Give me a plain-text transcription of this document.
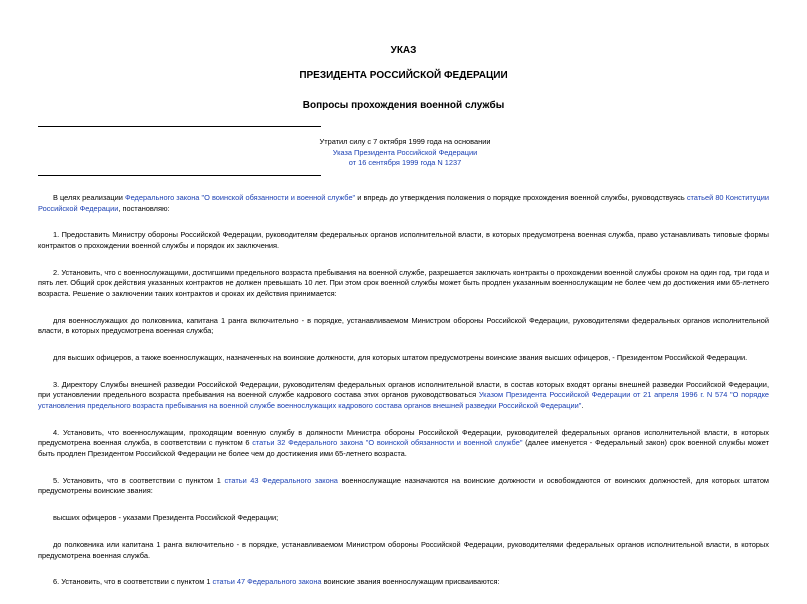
УКАЗ
ПРЕЗИДЕНТА РОССИЙСКОЙ ФЕДЕРАЦИИ
Вопросы прохождения военной службы
Утратил силу с 7 октября 1999 года на основании
Указа Президента Российской Федерации
от 16 сентября 1999 года N 1237

В целях реализации Федерального закона "О воинской обязанности и военной службе" и впредь до утверждения положения о порядке прохождения военной службы, руководствуясь статьей 80 Конституции Российской Федерации, постановляю:

1. Предоставить Министру обороны Российской Федерации, руководителям федеральных органов исполнительной власти, в которых предусмотрена военная служба, право устанавливать типовые формы контрактов о прохождении военной службы и порядок их заключения.

2. Установить, что с военнослужащими, достигшими предельного возраста пребывания на военной службе, разрешается заключать контракты о прохождении военной службы сроком на один год, три года и пять лет. Общий срок действия указанных контрактов не должен превышать 10 лет. При этом срок военной службы может быть продлен указанным военнослужащим не более чем до достижения ими 65-летнего возраста. Решение о заключении таких контрактов и сроках их действия принимается:

для военнослужащих до полковника, капитана 1 ранга включительно - в порядке, устанавливаемом Министром обороны Российской Федерации, руководителями федеральных органов исполнительной власти, в которых предусмотрена военная служба;

для высших офицеров, а также военнослужащих, назначенных на воинские должности, для которых штатом предусмотрены воинские звания высших офицеров, - Президентом Российской Федерации.

3. Директору Службы внешней разведки Российской Федерации, руководителям федеральных органов исполнительной власти, в состав которых входят органы внешней разведки Российской Федерации, при установлении предельного возраста пребывания на военной службе кадрового состава этих органов руководствоваться Указом Президента Российской Федерации от 21 апреля 1996 г. N 574 "О порядке установления предельного возраста пребывания на военной службе военнослужащих кадрового состава органов внешней разведки Российской Федерации".

4. Установить, что военнослужащим, проходящим военную службу в должности Министра обороны Российской Федерации, руководителей федеральных органов исполнительной власти, в которых предусмотрена военная служба, в соответствии с пунктом 6 статьи 32 Федерального закона "О воинской обязанности и военной службе" (далее именуется - Федеральный закон) срок военной службы может быть продлен Президентом Российской Федерации не более чем до достижения ими 65-летнего возраста.

5. Установить, что в соответствии с пунктом 1 статьи 43 Федерального закона военнослужащие назначаются на воинские должности и освобождаются от воинских должностей, для которых штатом предусмотрены воинские звания:

высших офицеров - указами Президента Российской Федерации;

до полковника или капитана 1 ранга включительно - в порядке, устанавливаемом Министром обороны Российской Федерации, руководителями федеральных органов исполнительной власти, в которых предусмотрена военная служба.

6. Установить, что в соответствии с пунктом 1 статьи 47 Федерального закона воинские звания военнослужащим присваиваются:
